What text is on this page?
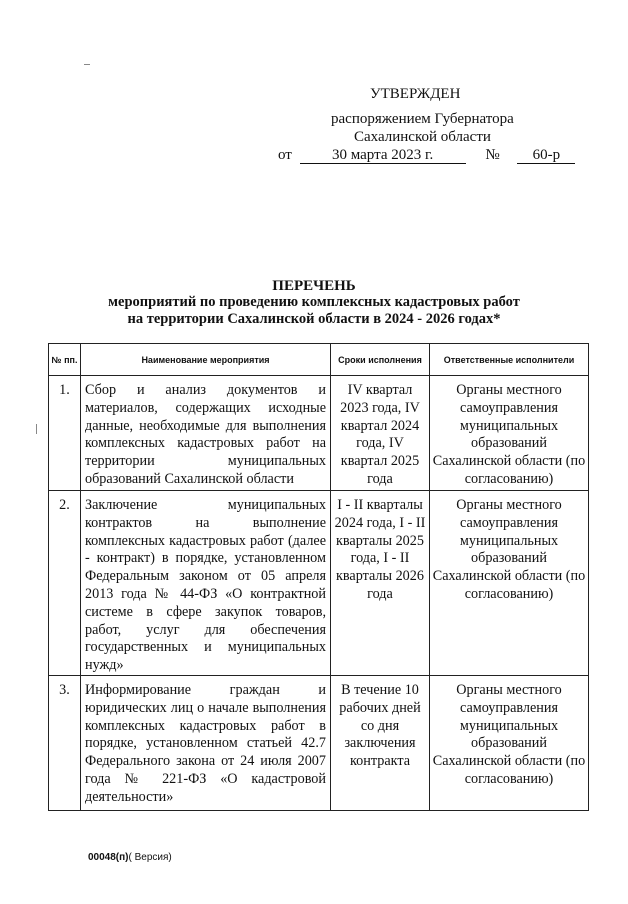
УТВЕРЖДЕН
распоряжением Губернатора
Сахалинской области
от	30 марта 2023 г.	№ 60-р
ПЕРЕЧЕНЬ
мероприятий по проведению комплексных кадастровых работ
на территории Сахалинской области в 2024 - 2026 годах*
№ пп.	Наименование мероприятия	Сроки исполнения	Ответственные исполнители
1.	Сбор и анализ документов и материалов, содержащих исходные данные, необходимые для выполнения комплексных кадастровых работ на территории муниципальных образований Сахалинской области	IV квартал 2023 года, IV квартал 2024 года, IV квартал 2025 года	Органы местного самоуправления муниципальных образований Сахалинской области (по согласованию)
2.	Заключение муниципальных контрактов на выполнение комплексных кадастровых работ (далее - контракт) в порядке, установленном Федеральным законом от 05 апреля 2013 года № 44-ФЗ «О контрактной системе в сфере закупок товаров, работ, услуг для обеспечения государственных и муниципальных нужд»	I - II кварталы 2024 года, I - II кварталы 2025 года, I - II кварталы 2026 года	Органы местного самоуправления муниципальных образований Сахалинской области (по согласованию)
3.	Информирование граждан и юридических лиц о начале выполнения комплексных кадастровых работ в порядке, установленном статьей 42.7 Федерального закона от 24 июля 2007 года № 221-ФЗ «О кадастровой деятельности»	В течение 10 рабочих дней со дня заключения контракта	Органы местного самоуправления муниципальных образований Сахалинской области (по согласованию)
00048(п)( Версия)
